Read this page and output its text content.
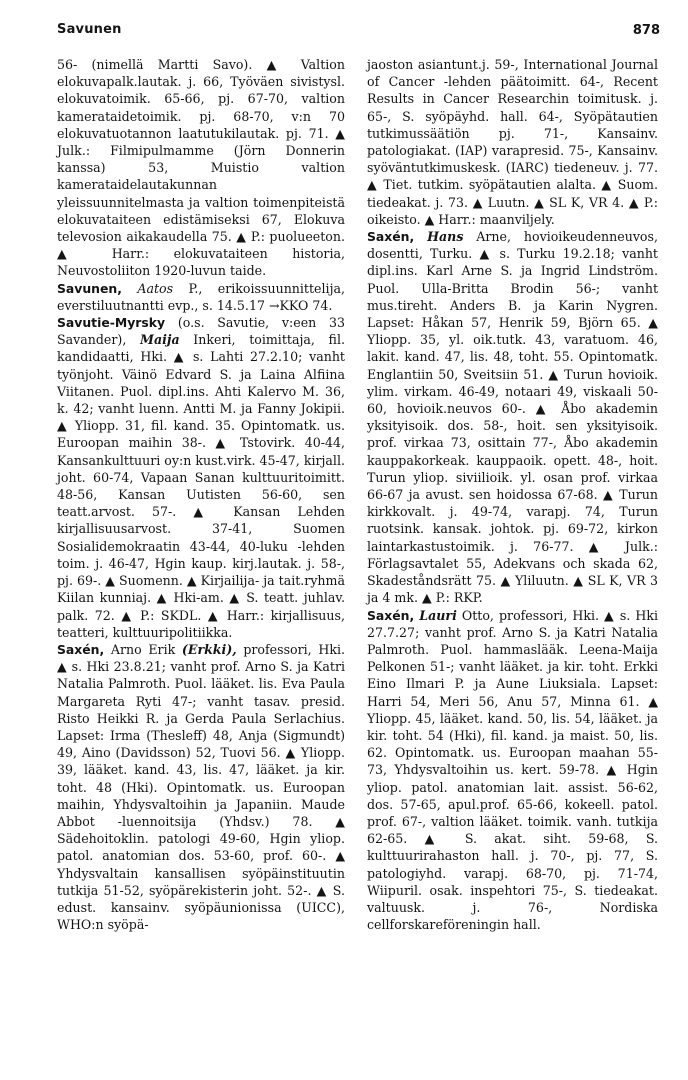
Savunen	878

56- (nimellä Martti Savo). ▲ Valtion elokuvapalk.lautak. j. 66, Työväen sivistysl. elokuvatoimik. 65-66, pj. 67-70, valtion kamerataidetoimik. pj. 68-70, v:n 70 elokuvatuotannon laatutukilautak. pj. 71. ▲ Julk.: Filmipulmamme (Jörn Donnerin kanssa) 53, Muistio valtion kamerataidelautakunnan yleissuunnitelmasta ja valtion toimenpiteistä elokuvataiteen edistämiseksi 67, Elokuva televosion aikakaudella 75. ▲ P.: puolueeton. ▲ Harr.: elokuvataiteen historia, Neuvostoliiton 1920-luvun taide.

Savunen, Aatos P., erikoissuunnittelija, everstiluutnantti evp., s. 14.5.17 →KKO 74.

Savutie-Myrsky (o.s. Savutie, v:een 33 Savander), Maija Inkeri, toimittaja, fil. kandidaatti, Hki. ▲ s. Lahti 27.2.10; vanht työnjoht. Väinö Edvard S. ja Laina Alfiina Viitanen. Puol. dipl.ins. Ahti Kalervo M. 36, k. 42; vanht luenn. Antti M. ja Fanny Jokipii. ▲ Yliopp. 31, fil. kand. 35. Opintomatk. us. Euroopan maihin 38-. ▲ Tstovirk. 40-44, Kansankulttuuri oy:n kust.virk. 45-47, kirjall. joht. 60-74, Vapaan Sanan kulttuuritoimitt. 48-56, Kansan Uutisten 56-60, sen teatt.arvost. 57-. ▲ Kansan Lehden kirjallisuusarvost. 37-41, Suomen Sosialidemokraatin 43-44, 40-luku -lehden toim. j. 46-47, Hgin kaup. kirj.lautak. j. 58-, pj. 69-. ▲ Suomenn. ▲ Kirjailija- ja tait.ryhmä Kiilan kunniaj. ▲ Hki-am. ▲ S. teatt. juhlav. palk. 72. ▲ P.: SKDL. ▲ Harr.: kirjallisuus, teatteri, kulttuuripolitiikka.

Saxén, Arno Erik (Erkki), professori, Hki. ▲ s. Hki 23.8.21; vanht prof. Arno S. ja Katri Natalia Palmroth. Puol. lääket. lis. Eva Paula Margareta Ryti 47-; vanht tasav. presid. Risto Heikki R. ja Gerda Paula Serlachius. Lapset: Irma (Thesleff) 48, Anja (Sigmundt) 49, Aino (Davidsson) 52, Tuovi 56. ▲ Yliopp. 39, lääket. kand. 43, lis. 47, lääket. ja kir. toht. 48 (Hki). Opintomatk. us. Euroopan maihin, Yhdysvaltoihin ja Japaniin. Maude Abbot -luennoitsija (Yhdsv.) 78. ▲ Sädehoitoklin. patologi 49-60, Hgin yliop. patol. anatomian dos. 53-60, prof. 60-. ▲ Yhdysvaltain kansallisen syöpäinstituutin tutkija 51-52, syöpärekisterin joht. 52-. ▲ S. edust. kansainv. syöpäunionissa (UICC), WHO:n syöpä-

jaoston asiantunt.j. 59-, International Journal of Cancer -lehden päätoimitt. 64-, Recent Results in Cancer Researchin toimitusk. j. 65-, S. syöpäyhd. hall. 64-, Syöpätautien tutkimussäätiön pj. 71-, Kansainv. patologiakat. (IAP) varapresid. 75-, Kansainv. syöväntutkimuskesk. (IARC) tiedeneuv. j. 77. ▲ Tiet. tutkim. syöpätautien alalta. ▲ Suom. tiedeakat. j. 73. ▲ Luutn. ▲ SL K, VR 4. ▲ P.: oikeisto. ▲ Harr.: maanviljely.

Saxén, Hans Arne, hovioikeudenneuvos, dosentti, Turku. ▲ s. Turku 19.2.18; vanht dipl.ins. Karl Arne S. ja Ingrid Lindström. Puol. Ulla-Britta Brodin 56-; vanht mus.tireht. Anders B. ja Karin Nygren. Lapset: Håkan 57, Henrik 59, Björn 65. ▲ Yliopp. 35, yl. oik.tutk. 43, varatuom. 46, lakit. kand. 47, lis. 48, toht. 55. Opintomatk. Englantiin 50, Sveitsiin 51. ▲ Turun hovioik. ylim. virkam. 46-49, notaari 49, viskaali 50-60, hovioik.neuvos 60-. ▲ Åbo akademin yksityisoik. dos. 58-, hoit. sen yksityisoik. prof. virkaa 73, osittain 77-, Åbo akademin kauppakorkeak. kauppaoik. opett. 48-, hoit. Turun yliop. siviilioik. yl. osan prof. virkaa 66-67 ja avust. sen hoidossa 67-68. ▲ Turun kirkkovalt. j. 49-74, varapj. 74, Turun ruotsink. kansak. johtok. pj. 69-72, kirkon laintarkastustoimik. j. 76-77. ▲ Julk.: Förlagsavtalet 55, Adekvans och skada 62, Skadeståndsrätt 75. ▲ Yliluutn. ▲ SL K, VR 3 ja 4 mk. ▲ P.: RKP.

Saxén, Lauri Otto, professori, Hki. ▲ s. Hki 27.7.27; vanht prof. Arno S. ja Katri Natalia Palmroth. Puol. hammaslääk. Leena-Maija Pelkonen 51-; vanht lääket. ja kir. toht. Erkki Eino Ilmari P. ja Aune Liuksiala. Lapset: Harri 54, Meri 56, Anu 57, Minna 61. ▲ Yliopp. 45, lääket. kand. 50, lis. 54, lääket. ja kir. toht. 54 (Hki), fil. kand. ja maist. 50, lis. 62. Opintomatk. us. Euroopan maahan 55-73, Yhdysvaltoihin us. kert. 59-78. ▲ Hgin yliop. patol. anatomian lait. assist. 56-62, dos. 57-65, apul.prof. 65-66, kokeell. patol. prof. 67-, valtion lääket. toimik. vanh. tutkija 62-65. ▲ S. akat. siht. 59-68, S. kulttuurirahaston hall. j. 70-, pj. 77, S. patologiyhd. varapj. 68-70, pj. 71-74, Wiipuril. osak. inspehtori 75-, S. tiedeakat. valtuusk. j. 76-, Nordiska cellforskareföreningin hall.
